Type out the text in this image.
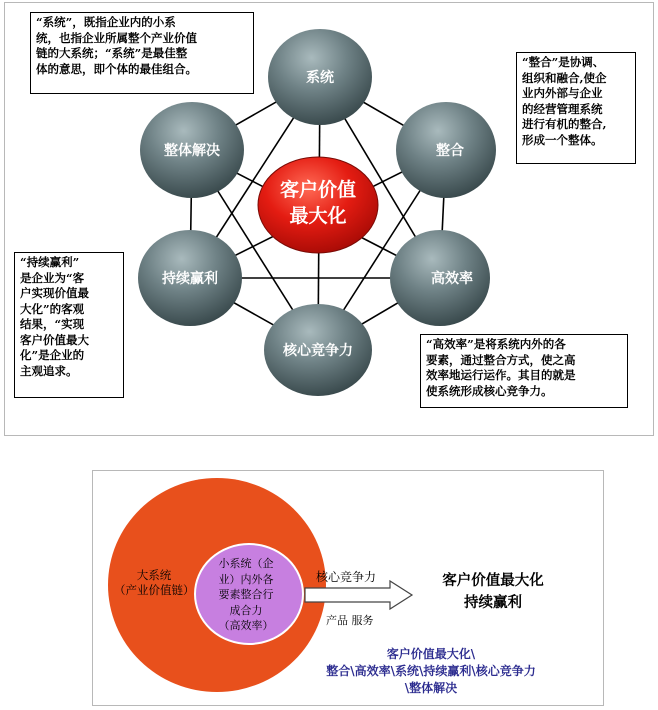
客户价值
最大化
系统
整合
高效率
核心竞争力
持续赢利
整体解决
“系统”，既指企业内的小系
统，也指企业所属整个产业价值
链的大系统；“系统”是最佳整
体的意思，即个体的最佳组合。	“整合”是协调、
组织和融合,使企
业内外部与企业
的经营管理系统
进行有机的整合,
形成一个整体。
“持续赢利”
是企业为“客
户实现价值最
大化”的客观
结果，“实现
客户价值最大
化”是企业的
主观追求。
“高效率”是将系统内外的各
要素，通过整合方式，使之高
效率地运行运作。其目的就是
使系统形成核心竞争力。
大系统
（产业价值链）
小系统（企
业）内外各
要素整合行
成合力
（高效率）
核心竞争力
产品 服务
客户价值最大化
持续赢利
客户价值最大化\
整合\高效率\系统\持续赢利\核心竞争力
\整体解决
